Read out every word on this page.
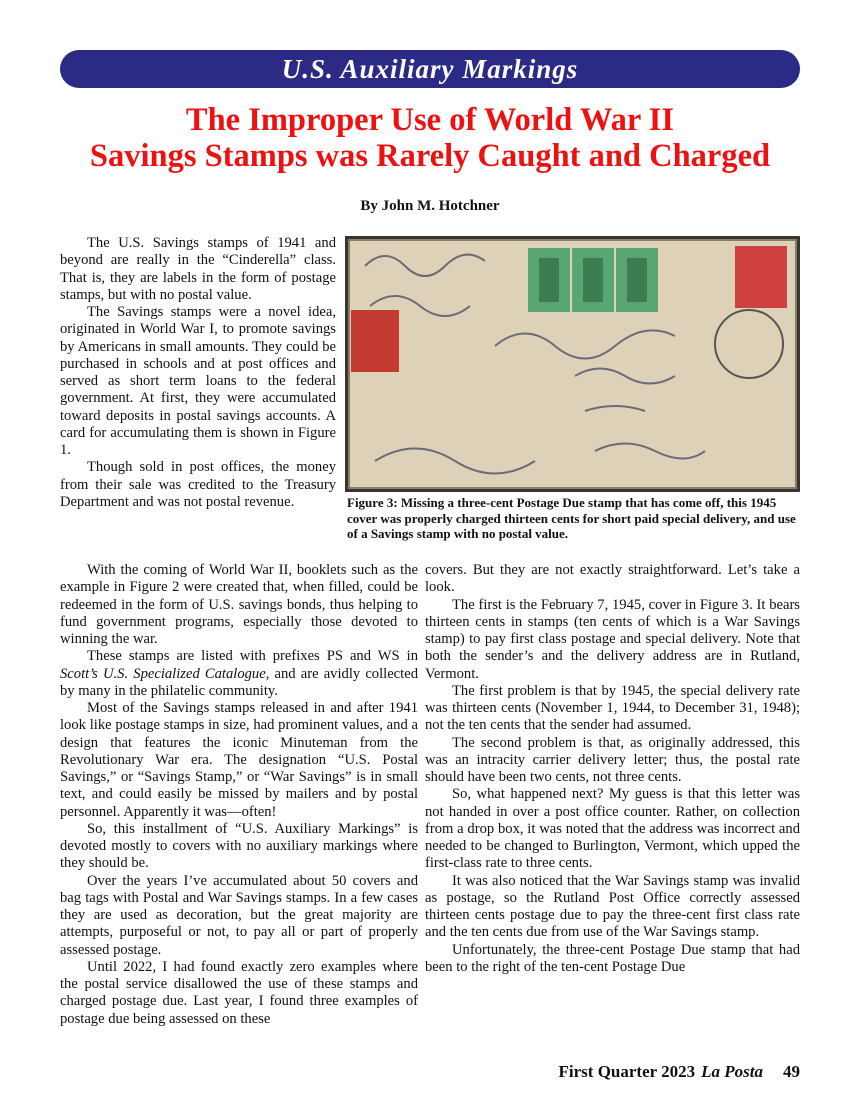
U.S. Auxiliary Markings
The Improper Use of World War II
Savings Stamps was Rarely Caught and Charged
By John M. Hotchner

The U.S. Savings stamps of 1941 and beyond are really in the “Cinderella” class. That is, they are labels in the form of postage stamps, but with no postal value.

The Savings stamps were a novel idea, originated in World War I, to promote savings by Americans in small amounts. They could be purchased in schools and at post offices and served as short term loans to the federal government. At first, they were accumulated toward deposits in postal savings accounts. A card for accumulating them is shown in Figure 1.

Though sold in post offices, the money from their sale was credited to the Treasury Department and was not postal revenue.	Figure 3: Missing a three-cent Postage Due stamp that has come off, this 1945 cover was properly charged thirteen cents for short paid special delivery, and use of a Savings stamp with no postal value.

With the coming of World War II, booklets such as the example in Figure 2 were created that, when filled, could be redeemed in the form of U.S. savings bonds, thus helping to fund government programs, especially those devoted to winning the war.

These stamps are listed with prefixes PS and WS in Scott’s U.S. Specialized Catalogue, and are avidly collected by many in the philatelic community.

Most of the Savings stamps released in and after 1941 look like postage stamps in size, had prominent values, and a design that features the iconic Minuteman from the Revolutionary War era. The designation “U.S. Postal Savings,” or “Savings Stamp,” or “War Savings” is in small text, and could easily be missed by mailers and by postal personnel. Apparently it was—often!

So, this installment of “U.S. Auxiliary Markings” is devoted mostly to covers with no auxiliary markings where they should be.

Over the years I’ve accumulated about 50 covers and bag tags with Postal and War Savings stamps. In a few cases they are used as decoration, but the great majority are attempts, purposeful or not, to pay all or part of properly assessed postage.

Until 2022, I had found exactly zero examples where the postal service disallowed the use of these stamps and charged postage due. Last year, I found three examples of postage due being assessed on these

covers. But they are not exactly straightforward. Let’s take a look.

The first is the February 7, 1945, cover in Figure 3. It bears thirteen cents in stamps (ten cents of which is a War Savings stamp) to pay first class postage and special delivery. Note that both the sender’s and the delivery address are in Rutland, Vermont.

The first problem is that by 1945, the special delivery rate was thirteen cents (November 1, 1944, to December 31, 1948); not the ten cents that the sender had assumed.

The second problem is that, as originally addressed, this was an intracity carrier delivery letter; thus, the postal rate should have been two cents, not three cents.

So, what happened next? My guess is that this letter was not handed in over a post office counter. Rather, on collection from a drop box, it was noted that the address was incorrect and needed to be changed to Burlington, Vermont, which upped the first-class rate to three cents.

It was also noticed that the War Savings stamp was invalid as postage, so the Rutland Post Office correctly assessed thirteen cents postage due to pay the three-cent first class rate and the ten cents due from use of the War Savings stamp.

Unfortunately, the three-cent Postage Due stamp that had been to the right of the ten-cent Postage Due

First Quarter 2023 La Posta 49
